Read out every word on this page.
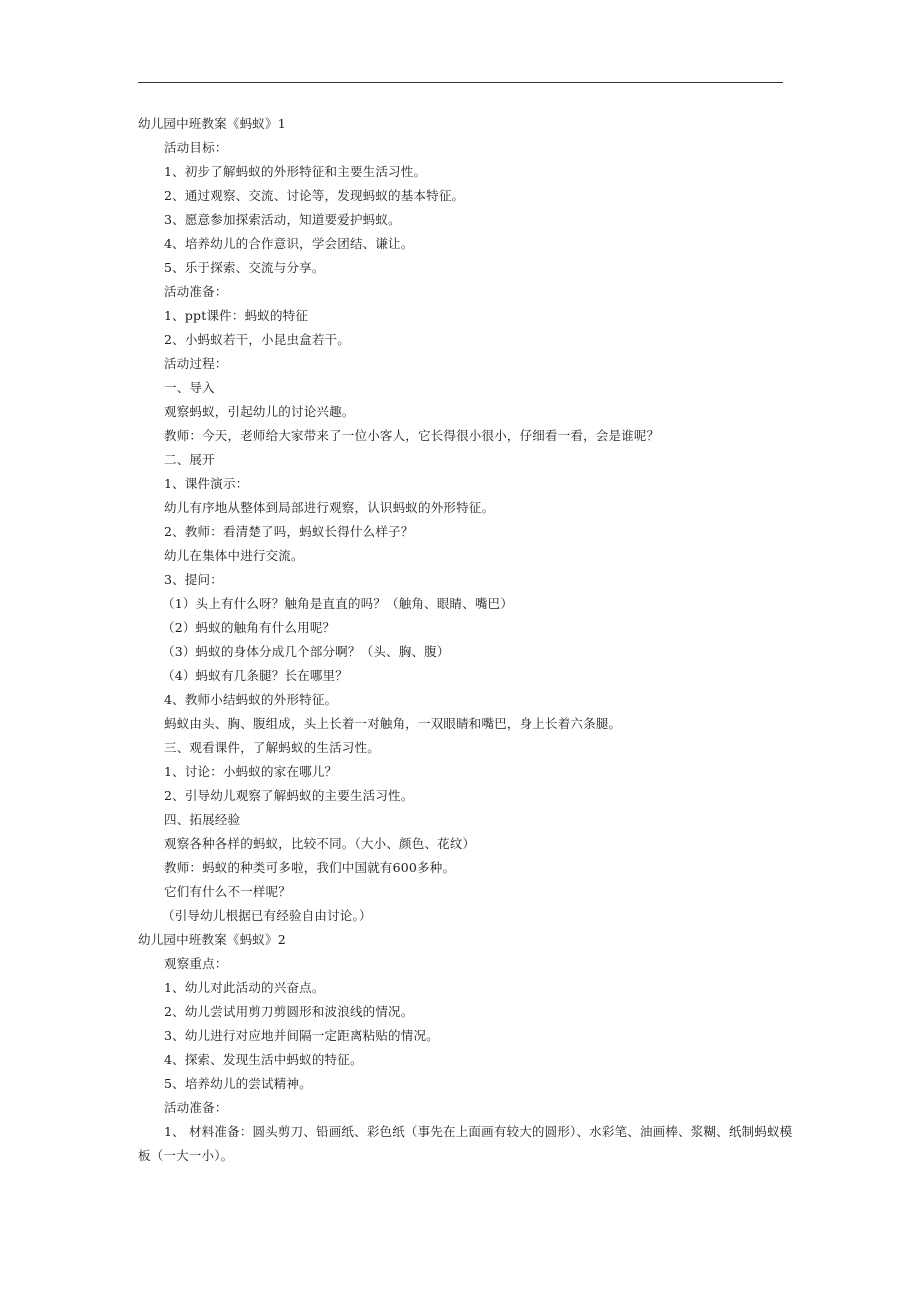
幼儿园中班教案《蚂蚁》1
活动目标：
1、初步了解蚂蚁的外形特征和主要生活习性。
2、通过观察、交流、讨论等，发现蚂蚁的基本特征。
3、愿意参加探索活动，知道要爱护蚂蚁。
4、培养幼儿的合作意识，学会团结、谦让。
5、乐于探索、交流与分享。
活动准备：
1、ppt课件：蚂蚁的特征
2、小蚂蚁若干，小昆虫盒若干。
活动过程：
一、导入
观察蚂蚁，引起幼儿的讨论兴趣。
教师：今天，老师给大家带来了一位小客人，它长得很小很小，仔细看一看，会是谁呢？
二、展开
1、课件演示：
幼儿有序地从整体到局部进行观察，认识蚂蚁的外形特征。
2、教师：看清楚了吗，蚂蚁长得什么样子？
幼儿在集体中进行交流。
3、提问：
（1）头上有什么呀？触角是直直的吗？（触角、眼睛、嘴巴）
（2）蚂蚁的触角有什么用呢？
（3）蚂蚁的身体分成几个部分啊？（头、胸、腹）
（4）蚂蚁有几条腿？长在哪里？
4、教师小结蚂蚁的外形特征。
蚂蚁由头、胸、腹组成，头上长着一对触角，一双眼睛和嘴巴，身上长着六条腿。
三、观看课件，了解蚂蚁的生活习性。
1、讨论：小蚂蚁的家在哪儿？
2、引导幼儿观察了解蚂蚁的主要生活习性。
四、拓展经验
观察各种各样的蚂蚁，比较不同。（大小、颜色、花纹）
教师：蚂蚁的种类可多啦，我们中国就有600多种。
它们有什么不一样呢？
（引导幼儿根据已有经验自由讨论。）
幼儿园中班教案《蚂蚁》2
观察重点：
1、幼儿对此活动的兴奋点。
2、幼儿尝试用剪刀剪圆形和波浪线的情况。
3、幼儿进行对应地并间隔一定距离粘贴的情况。
4、探索、发现生活中蚂蚁的特征。
5、培养幼儿的尝试精神。
活动准备：
1、 材料准备：圆头剪刀、铅画纸、彩色纸（事先在上面画有较大的圆形）、水彩笔、油画棒、浆糊、纸制蚂蚁模
板（一大一小）。
